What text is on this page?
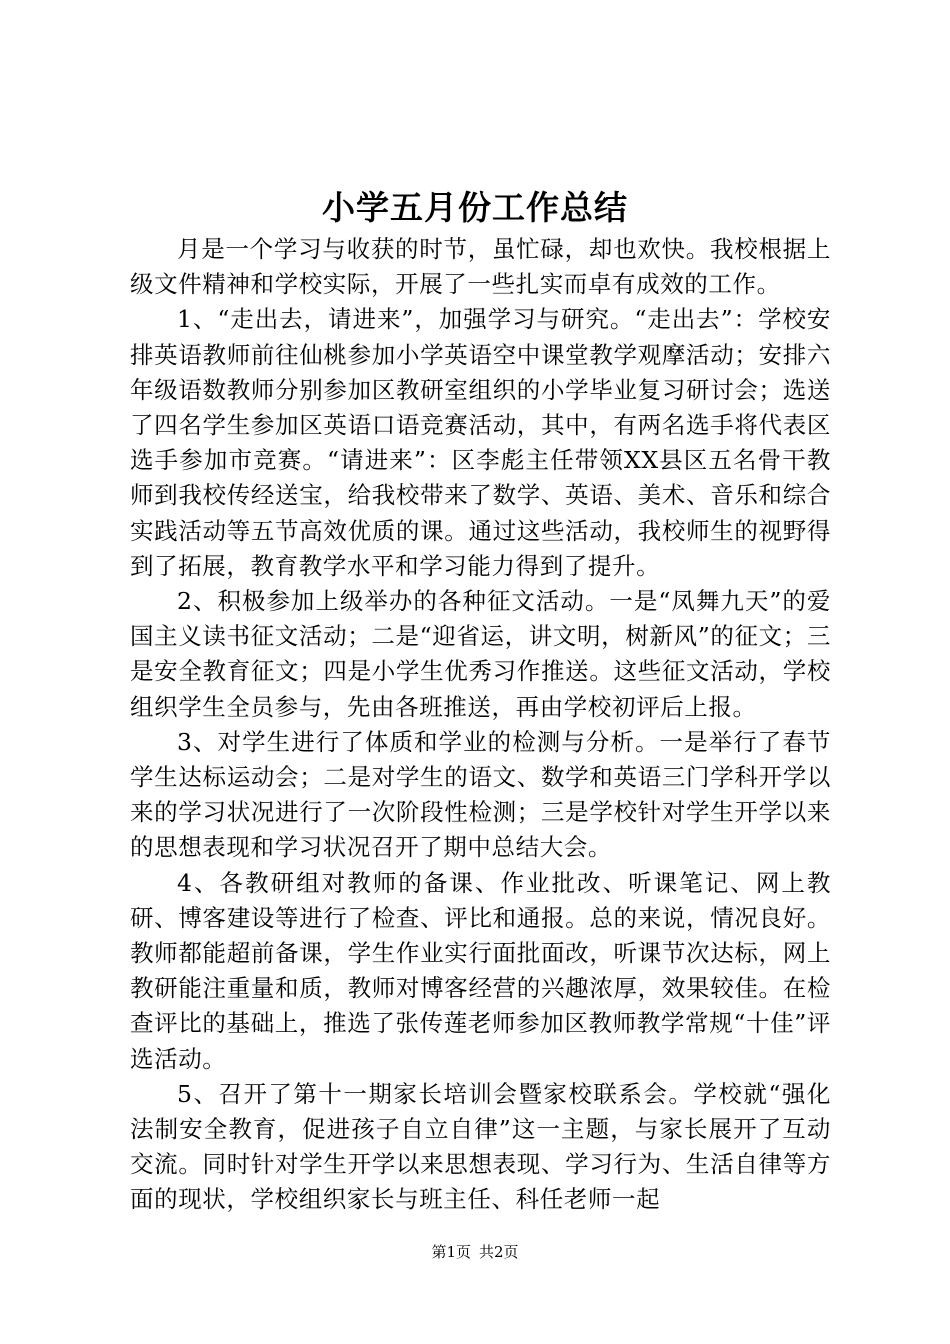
小学五月份工作总结

月是一个学习与收获的时节，虽忙碌，却也欢快。我校根据上级文件精神和学校实际，开展了一些扎实而卓有成效的工作。

1、“走出去，请进来”，加强学习与研究。“走出去”：学校安排英语教师前往仙桃参加小学英语空中课堂教学观摩活动；安排六年级语数教师分别参加区教研室组织的小学毕业复习研讨会；选送了四名学生参加区英语口语竞赛活动，其中，有两名选手将代表区选手参加市竞赛。“请进来”：区李彪主任带领XX县区五名骨干教师到我校传经送宝，给我校带来了数学、英语、美术、音乐和综合实践活动等五节高效优质的课。通过这些活动，我校师生的视野得到了拓展，教育教学水平和学习能力得到了提升。

2、积极参加上级举办的各种征文活动。一是“凤舞九天”的爱国主义读书征文活动；二是“迎省运，讲文明，树新风”的征文；三是安全教育征文；四是小学生优秀习作推送。这些征文活动，学校组织学生全员参与，先由各班推送，再由学校初评后上报。

3、对学生进行了体质和学业的检测与分析。一是举行了春节学生达标运动会；二是对学生的语文、数学和英语三门学科开学以来的学习状况进行了一次阶段性检测；三是学校针对学生开学以来的思想表现和学习状况召开了期中总结大会。

4、各教研组对教师的备课、作业批改、听课笔记、网上教研、博客建设等进行了检查、评比和通报。总的来说，情况良好。教师都能超前备课，学生作业实行面批面改，听课节次达标，网上教研能注重量和质，教师对博客经营的兴趣浓厚，效果较佳。在检查评比的基础上，推选了张传莲老师参加区教师教学常规“十佳”评选活动。

5、召开了第十一期家长培训会暨家校联系会。学校就“强化法制安全教育，促进孩子自立自律”这一主题，与家长展开了互动交流。同时针对学生开学以来思想表现、学习行为、生活自律等方面的现状，学校组织家长与班主任、科任老师一起

第1页 共2页
